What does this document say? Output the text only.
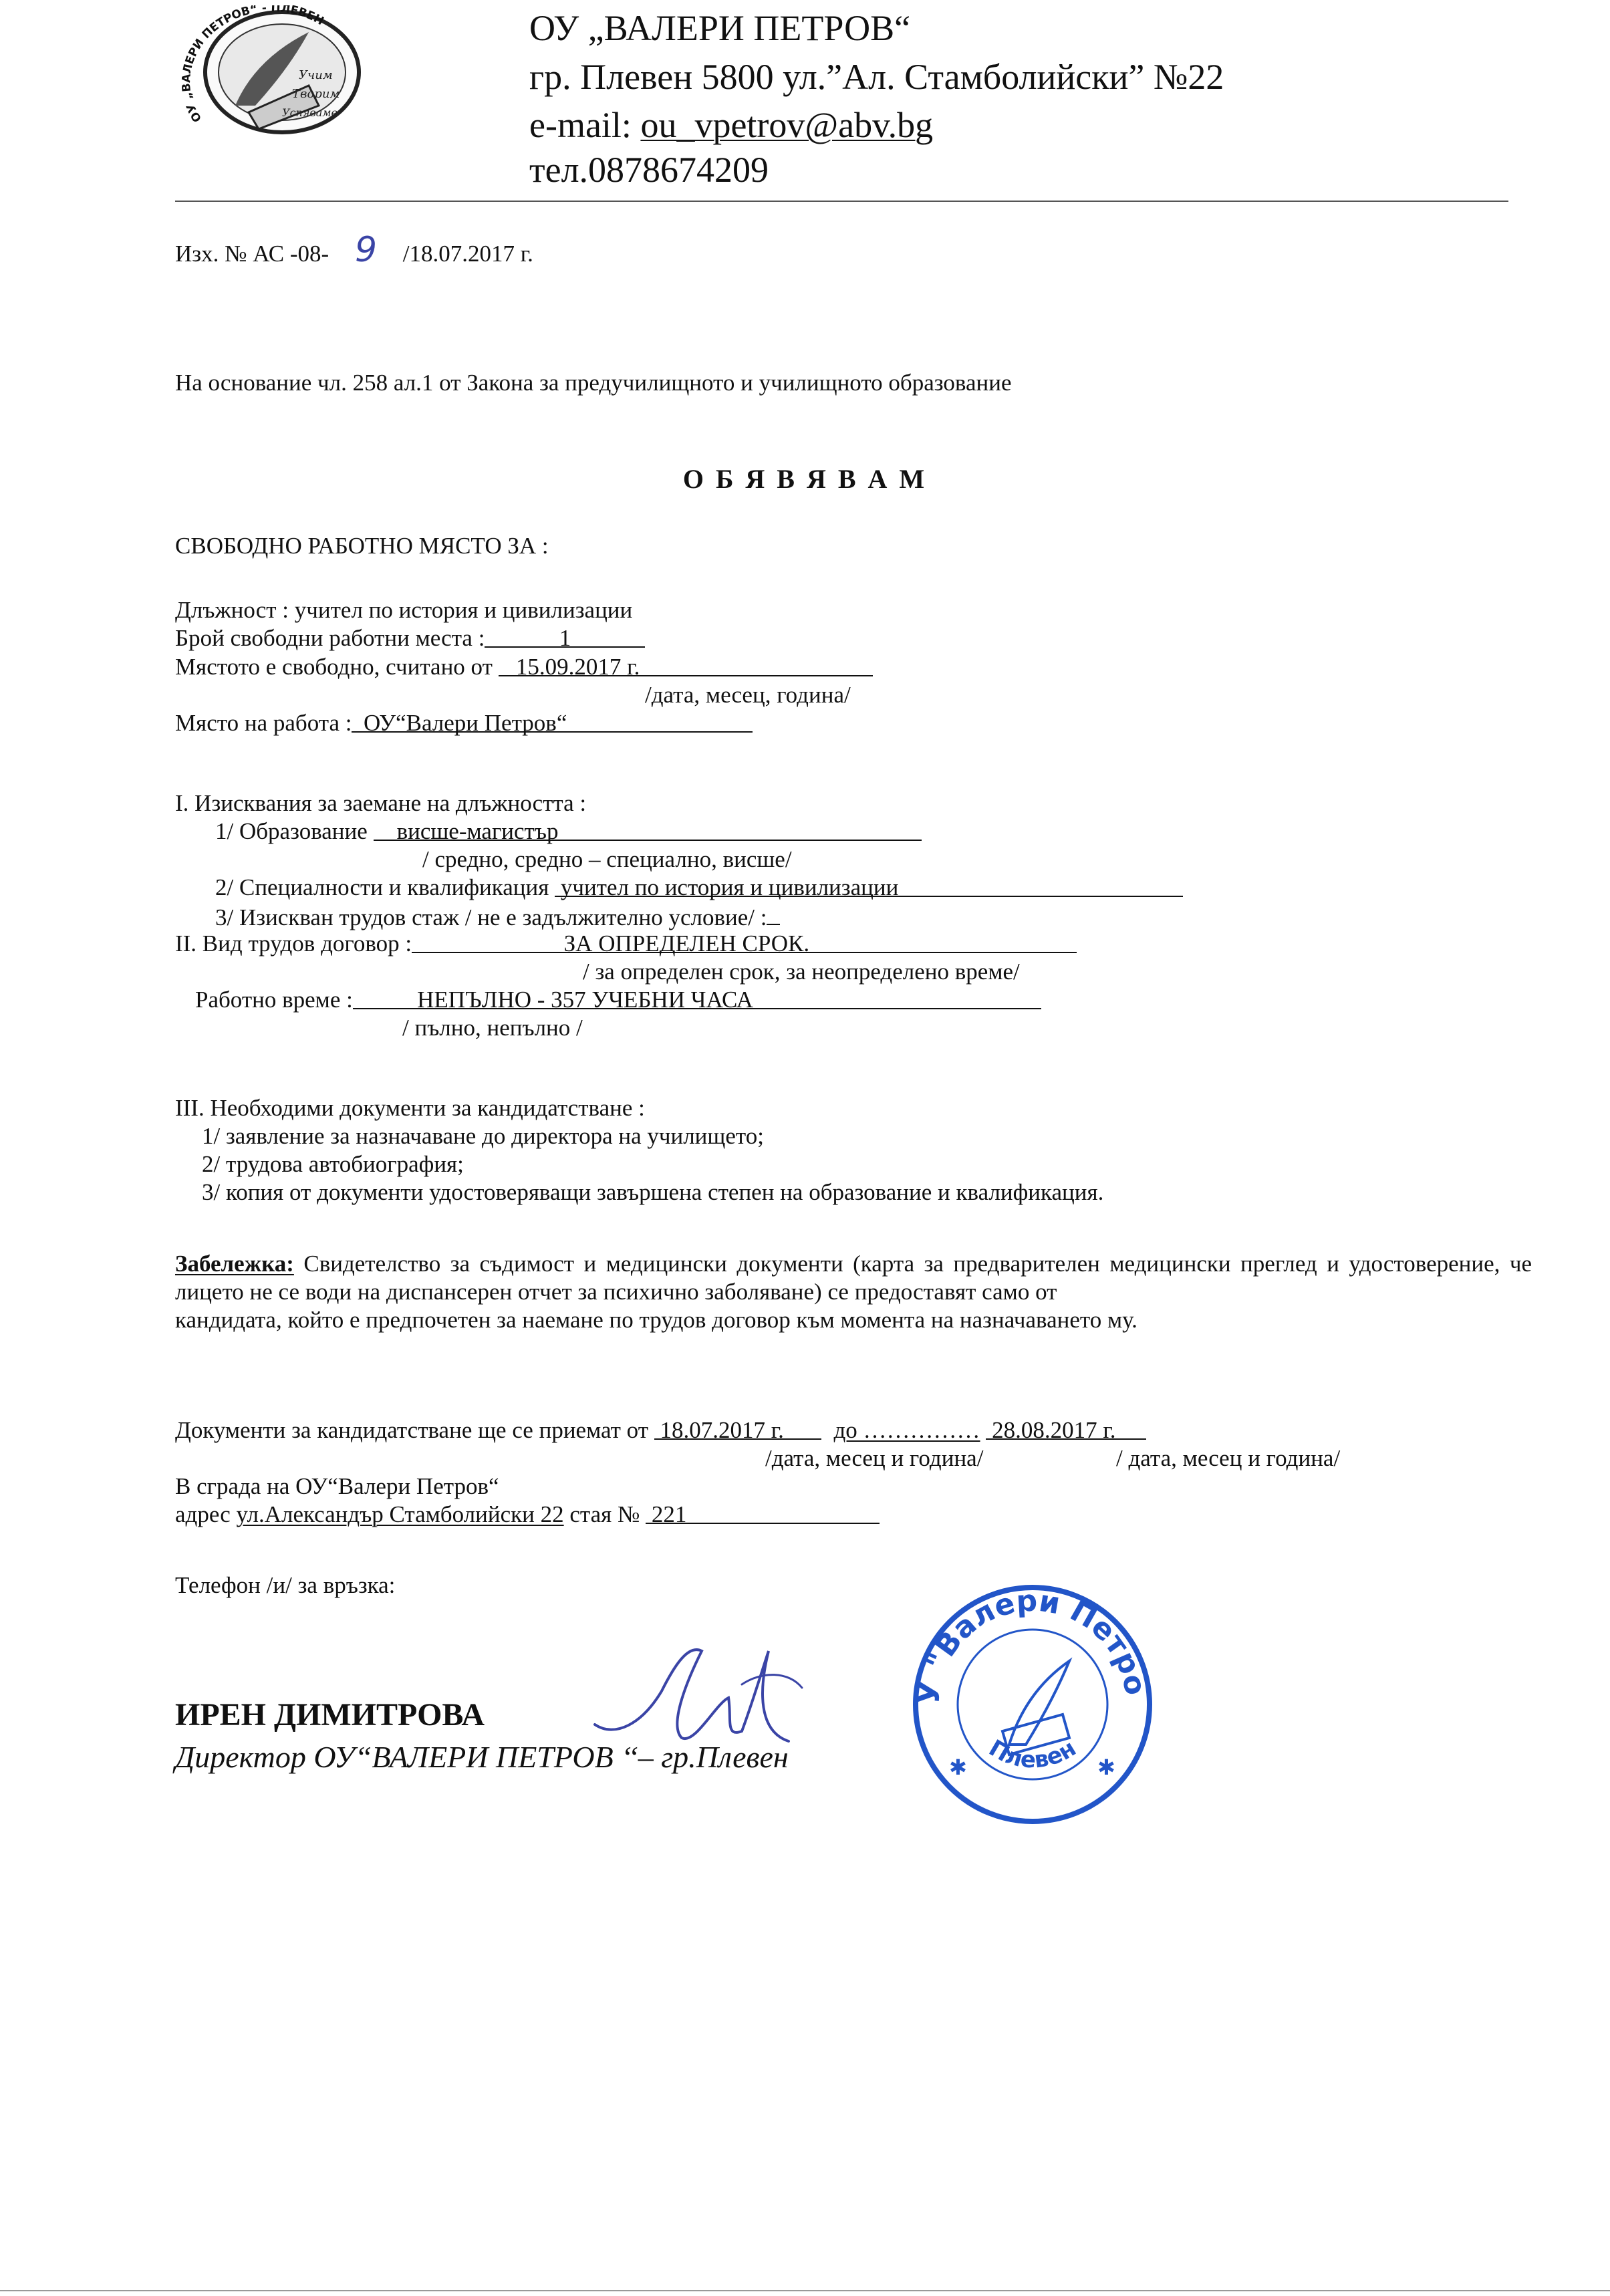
ОУ „ВАЛЕРИ ПЕТРОВ“ - ПЛЕВЕН
Учим
Творим
Успяваме
ОУ „ВАЛЕРИ ПЕТРОВ“
гр. Плевен 5800 ул.”Ал. Стамболийски” №22
e-mail: ou_vpetrov@abv.bg
тел.0878674209
Изх. № АС -08- 9 /18.07.2017 г.
На основание чл. 258 ал.1 от Закона за предучилищното и училищното образование
О Б Я В Я В А М
СВОБОДНО РАБОТНО МЯСТО ЗА :
Длъжност : учител по история и цивилизации
Брой свободни работни места :	1
Мястото е свободно, считано от    15.09.2017 г.
/дата, месец, година/
Място на работа : ОУ“Валери Петров“
I. Изисквания за заемане на длъжността :
1/ Образование     висше-магистър
/ средно, средно – специално, висше/
2/ Специалности и квалификация  учител по история и цивилизации
3/ Изискван трудов стаж / не е задължително условие/ :
II. Вид трудов договор :	ЗА ОПРЕДЕЛЕН СРОК.
/ за определен срок, за неопределено време/
Работно време :	НЕПЪЛНО - 357 УЧЕБНИ ЧАСА
/ пълно, непълно /
III. Необходими документи за кандидатстване :
1/ заявление за назначаване до директора на училището;
2/ трудова автобиография;
3/ копия от документи удостоверяващи завършена степен на образование и квалификация.
Забележка: Свидетелство за съдимост и медицински документи (карта за предварителен медицински преглед и удостоверение, че лицето не се води на диспансерен отчет за психично заболяване) се предоставят само от
кандидата, който е предпочетен за наемане по трудов договор към момента на назначаването му.
Документи за кандидатстване ще се приемат от  18.07.2017 г. до …………… 28.08.2017 г.
/дата, месец и година/	/ дата, месец и година/
В сграда на ОУ“Валери Петров“
адрес ул.Александър Стамболийски 22 стая №  221
Телефон /и/ за връзка:
ИРЕН ДИМИТРОВА
Директор ОУ“ВАЛЕРИ ПЕТРОВ ‘‘– гр.Плевен
У "Валери Петро
Плевен
✱	✱
